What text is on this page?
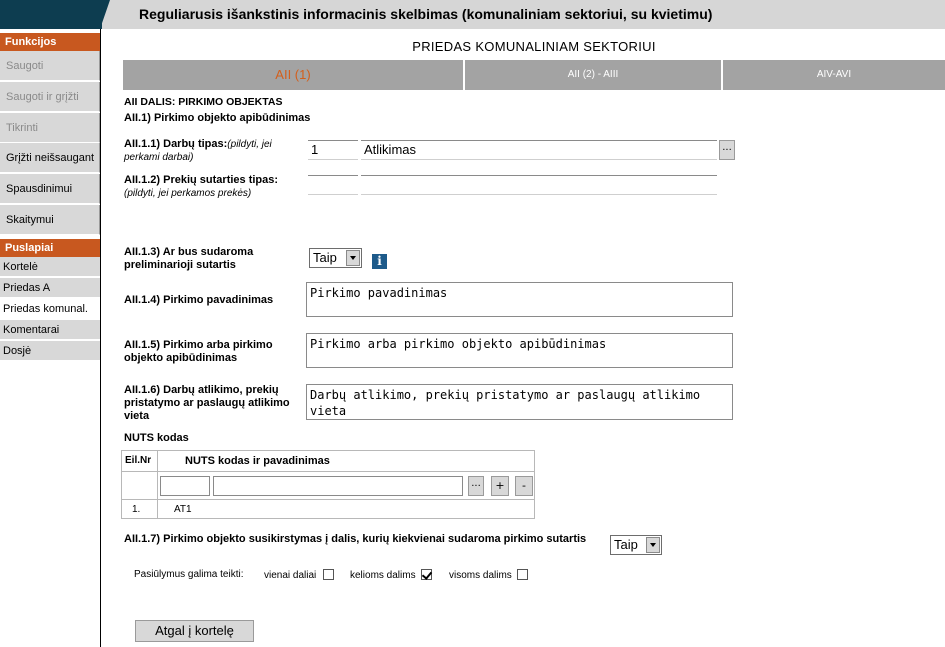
Reguliarusis išankstinis informacinis skelbimas (komunaliniam sektoriui, su kvietimu)
Funkcijos
Saugoti
Saugoti ir grįžti
Tikrinti
Grįžti neišsaugant
Spausdinimui
Skaitymui
Puslapiai
Kortelė
Priedas A
Priedas komunal.
Komentarai
Dosjė
PRIEDAS KOMUNALINIAM SEKTORIUI
AII (1)	AII (2) - AIII	AIV-AVI
AII DALIS: PIRKIMO OBJEKTAS
AII.1) Pirkimo objekto apibūdinimas
AII.1.1) Darbų tipas:(pildyti, jei perkami darbai)
1	Atlikimas	...
AII.1.2) Prekių sutarties tipas:
(pildyti, jei perkamos prekės)
AII.1.3) Ar bus sudaroma preliminarioji sutartis	Taip	i
AII.1.4) Pirkimo pavadinimas	Pirkimo pavadinimas
AII.1.5) Pirkimo arba pirkimo objekto apibūdinimas
Pirkimo arba pirkimo objekto apibūdinimas
AII.1.6) Darbų atlikimo, prekių pristatymo ar paslaugų atlikimo vieta
Darbų atlikimo, prekių pristatymo ar paslaugų atlikimo vieta
NUTS kodas
Eil.Nr	NUTS kodas ir pavadinimas
...	+	-
1.	AT1
AII.1.7) Pirkimo objekto susikirstymas į dalis, kurių kiekvienai sudaroma pirkimo sutartis	Taip
Pasiūlymus galima teikti: vienai daliai	kelioms dalims	visoms dalims
Atgal į kortelę
